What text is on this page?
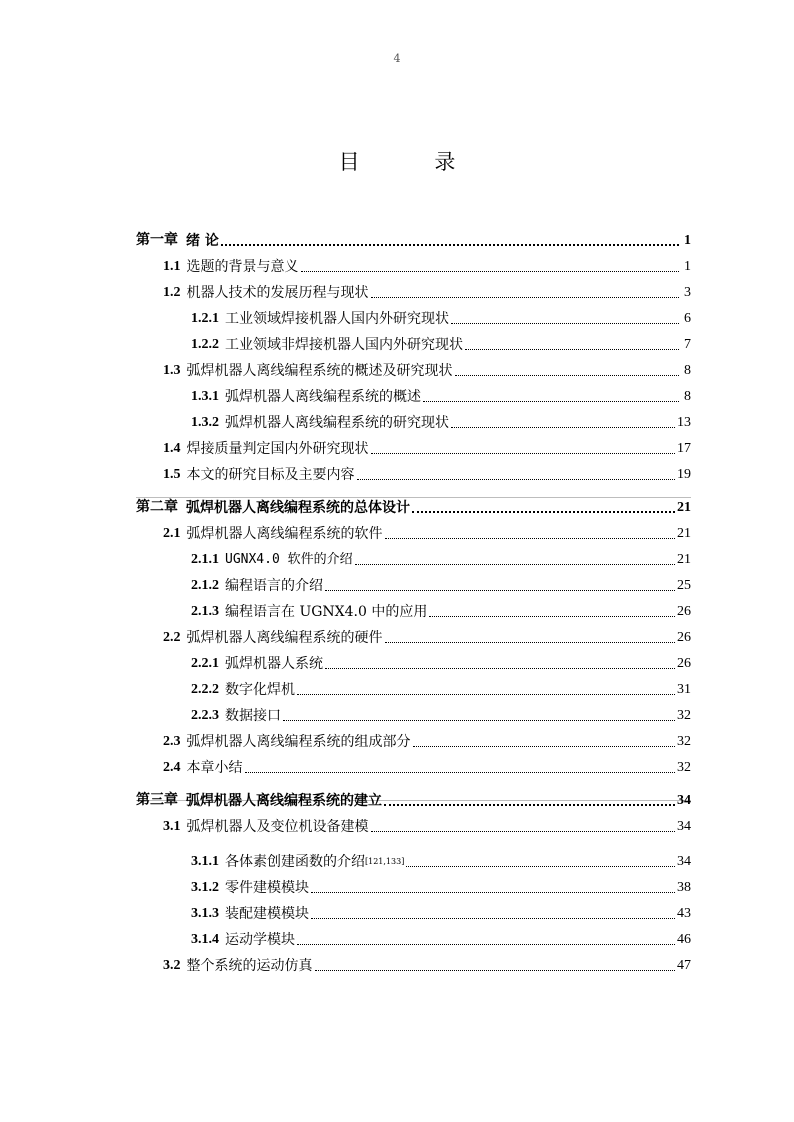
4
目 录
第一章 绪 论	1
1.1 选题的背景与意义	1
1.2 机器人技术的发展历程与现状	3
1.2.1 工业领域焊接机器人国内外研究现状	6
1.2.2 工业领域非焊接机器人国内外研究现状	7
1.3 弧焊机器人离线编程系统的概述及研究现状	8
1.3.1 弧焊机器人离线编程系统的概述	8
1.3.2 弧焊机器人离线编程系统的研究现状	13
1.4 焊接质量判定国内外研究现状	17
1.5 本文的研究目标及主要内容	19
第二章 弧焊机器人离线编程系统的总体设计	21
2.1 弧焊机器人离线编程系统的软件	21
2.1.1 UGNX4.0 软件的介绍	21
2.1.2 编程语言的介绍	25
2.1.3 编程语言在 UGNX4.0 中的应用	26
2.2 弧焊机器人离线编程系统的硬件	26
2.2.1 弧焊机器人系统	26
2.2.2 数字化焊机	31
2.2.3 数据接口	32
2.3 弧焊机器人离线编程系统的组成部分	32
2.4 本章小结	32
第三章 弧焊机器人离线编程系统的建立	34
3.1 弧焊机器人及变位机设备建模	34
3.1.1 各体素创建函数的介绍 [121,133]	34
3.1.2 零件建模模块	38
3.1.3 装配建模模块	43
3.1.4 运动学模块	46
3.2 整个系统的运动仿真	47
